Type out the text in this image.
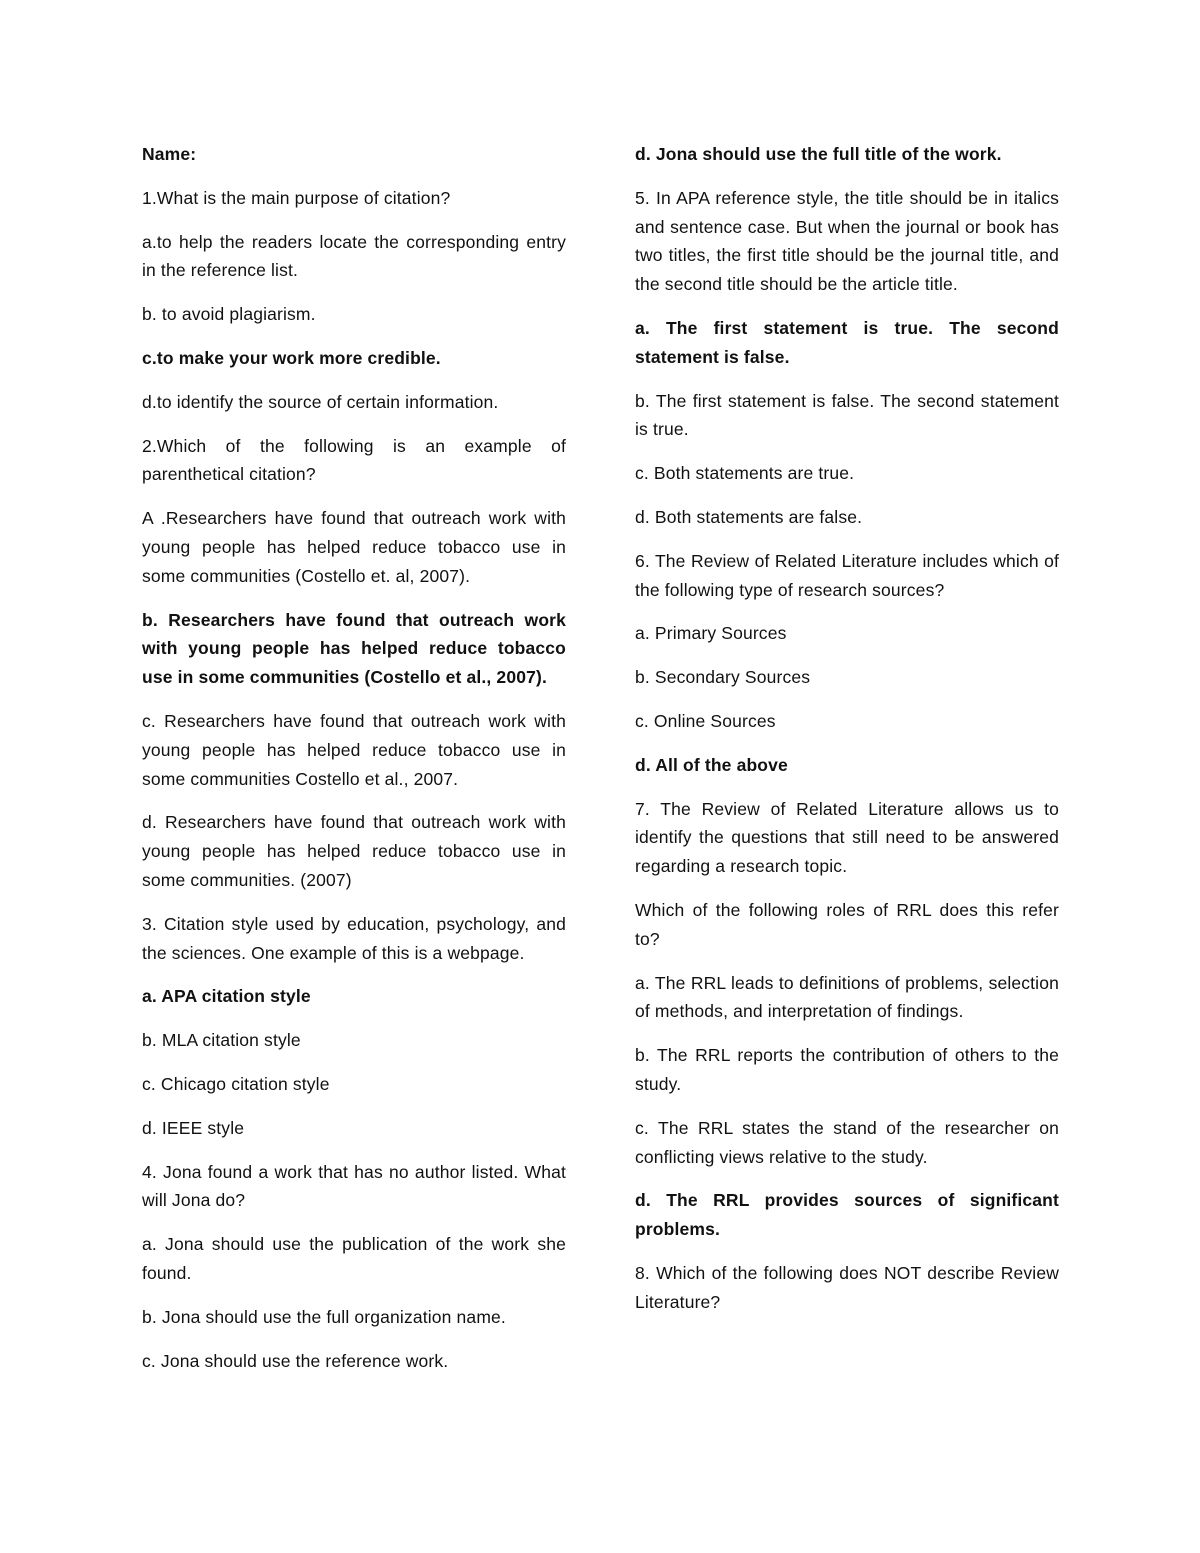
Name:

1.What is the main purpose of citation?

a.to help the readers locate the corresponding entry in the reference list.

b. to avoid plagiarism.

c.to make your work more credible.

d.to identify the source of certain information.

2.Which of the following is an example of parenthetical citation?

A .Researchers have found that outreach work with young people has helped reduce tobacco use in some communities (Costello et. al, 2007).

b. Researchers have found that outreach work with young people has helped reduce tobacco use in some communities (Costello et al., 2007).

c. Researchers have found that outreach work with young people has helped reduce tobacco use in some communities Costello et al., 2007.

d. Researchers have found that outreach work with young people has helped reduce tobacco use in some communities. (2007)

3. Citation style used by education, psychology, and the sciences. One example of this is a webpage.

a. APA citation style

b. MLA citation style

c. Chicago citation style

d. IEEE style

4. Jona found a work that has no author listed. What will Jona do?

a. Jona should use the publication of the work she found.

b. Jona should use the full organization name.

c. Jona should use the reference work.

d. Jona should use the full title of the work.

5. In APA reference style, the title should be in italics and sentence case. But when the journal or book has two titles, the first title should be the journal title, and the second title should be the article title.

a. The first statement is true. The second statement is false.

b. The first statement is false. The second statement is true.

c. Both statements are true.

d. Both statements are false.

6. The Review of Related Literature includes which of the following type of research sources?

a. Primary Sources

b. Secondary Sources

c. Online Sources

d. All of the above

7. The Review of Related Literature allows us to identify the questions that still need to be answered regarding a research topic.

Which of the following roles of RRL does this refer to?

a. The RRL leads to definitions of problems, selection of methods, and interpretation of findings.

b. The RRL reports the contribution of others to the study.

c. The RRL states the stand of the researcher on conflicting views relative to the study.

d. The RRL provides sources of significant problems.

8. Which of the following does NOT describe Review Literature?
